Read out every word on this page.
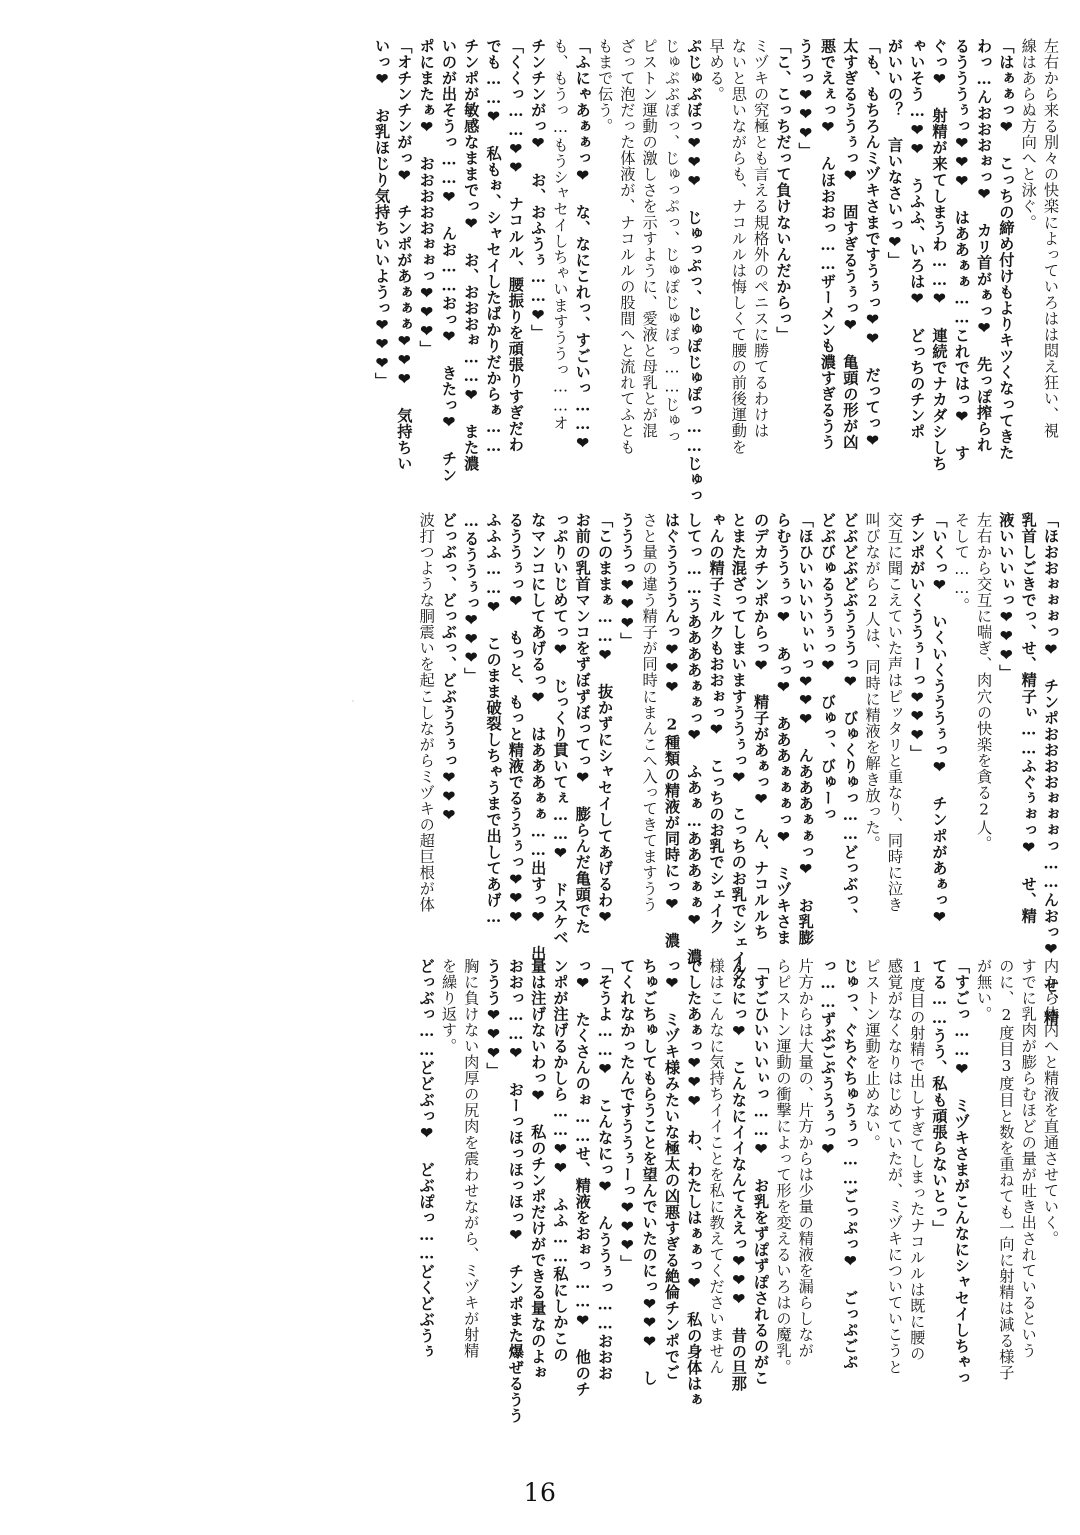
左右から来る別々の快楽によっていろはは悶え狂い、視
線はあらぬ方向へと泳ぐ。
「はぁぁっ❤ こっちの締め付けもよりキツくなってきた
わっ…んおおおぉっ❤ カリ首がぁっ❤ 先っぽ搾られ
るうううぅっ❤❤❤ はああぁぁ……これではっ❤ す
ぐっ❤ 射精が来てしまうわ……❤ 連続でナカダシしち
ゃいそう…❤❤ うふふ、いろは❤ どっちのチンポ
がいいの？ 言いなさいっ❤」
「も、もちろんミヅキさまですうぅっ❤❤ だってっ❤
太すぎるううぅっ❤ 固すぎるうぅっ❤ 亀頭の形が凶
悪でえぇっ❤ んほおおっ……ザーメンも濃すぎるうう
ううっ❤❤❤」
「こ、こっちだって負けないんだからっ」
ミヅキの究極とも言える規格外のペニスに勝てるわけは
ないと思いながらも、ナコルルは悔しくて腰の前後運動を
早める。
ぷじゅぶぼっ❤❤❤ じゅっぷっ、じゅぽじゅぽっ……じゅっ
じゅぷぶぽっ、じゅっぷっ、じゅぽじゅぽっ……じゅっ
ピストン運動の激しさを示すように、愛液と母乳とが混
ざって泡だった体液が、ナコルルの股間へと流れてふとも
もまで伝う。
「ふにゃあぁぁっ❤ な、なにこれっ、すごいっ……❤
も、もうっ…もうシャセイしちゃいますううっ……オ
チンチンがっ❤ お、おふうぅ……❤」
「くくっ……❤❤ ナコルル、腰振りを頑張りすぎだわ
でも……❤ 私もぉ、シャセイしたばかりだからぁ……
チンポが敏感なままでっ❤ お、おおおぉ……❤ また濃
いのが出そうっ……❤ んお……おっ❤ きたっ❤ チン
ポにまたぁ❤ おおおおおぉぉっ❤❤❤」
「オチンチンがっ❤ チンポがあぁぁぁ❤❤❤ 気持ちい
いっ❤ お乳ほじり気持ちいいようっ❤❤❤」
「ほおおぉぉぉっ❤ チンポおおおおぉぉぉっ……んおっ❤ せ、精
乳首しごきでっ、せ、精子ぃ……ふぐぅぉっ❤ せ、精
液いいいぃっ❤❤❤」
左右から交互に喘ぎ、肉穴の快楽を貪る2人。
そして……。
「いくっ❤ いくいくうううぅっ❤ チンポがあぁっ❤
チンポがいくううぅーっ❤❤❤」
交互に聞こえていた声はピッタリと重なり、同時に泣き
叫びながら2人は、同時に精液を解き放った。
どぶどぶどぶうううっ❤ びゅくりゅっ……どっぶっ、
どぶびゅるううぅっ❤ びゅっ、びゅーっ
「ほひいいいいぃぃっ❤❤❤ んあああぁぁっ❤ お乳膨
らむううぅっ❤ あっ❤ あああぁぁぁっ❤ ミヅキさま
のデカチンポからっ❤ 精子があぁっ❤ ん、ナコルルち
とまた混ざってしまいますううぅっ❤ こっちのお乳でシェイク
ゃんの精子ミルクもおおぉっ❤ こっちのお乳でシェイク
してっ……うああああぁぁっ❤ ふあぁ…あああぁぁ❤ 濃
はぐううううんっ❤❤❤ 2種類の精液が同時にっ❤ 濃
さと量の違う精子が同時にまんこへ入ってきてますうう
うううっ❤❤❤」
「このままぁ……❤ 抜かずにシャセイしてあげるわ❤
お前の乳首マンコをずぼずぼってっ❤ 膨らんだ亀頭でた
っぷりいじめてっ❤ じっくり貫いてぇ……❤ ドスケベ
なマンコにしてあげるっ❤ はあああぁぁ……出すっ❤ 出
るううぅっ❤ もっと、もっと精液でるううぅっ❤❤❤
ふふふ……❤ このまま破裂しちゃうまで出してあげ…
…るううぅっ❤❤❤」
どっぶっ、どっぶっ、どぶううぅっ❤❤❤
波打つような胴震いを起こしながらミヅキの超巨根が体
内から体内へと精液を直通させていく。
すでに乳肉が膨らむほどの量が吐き出されているという
のに、2度目3度目と数を重ねても一向に射精は減る様子
が無い。
「すごっ……❤ ミヅキさまがこんなにシャセイしちゃっ
てる……うう、私も頑張らないとっ」
1度目の射精で出しすぎてしまったナコルルは既に腰の
感覚がなくなりはじめていたが、ミヅキについていこうと
ピストン運動を止めない。
じゅっ、ぐちぐちゅうぅっ……ごっぷっ❤ ごっぷごぷ
っ……ずぶごぷううぅっ❤
片方からは大量の、片方からは少量の精液を漏らしなが
らピストン運動の衝撃によって形を変えるいろはの魔乳。
「すごひいいいぃっ……❤ お乳をずぽずぽされるのがこ
んなにっ❤ こんなにイイなんてええっ❤❤❤ 昔の旦那
様はこんなに気持ちイイことを私に教えてくださいません
でしたあぁっ❤❤❤ わ、わたしはぁぁっ❤ 私の身体はぁ
っ❤ ミヅキ様みたいな極太の凶悪すぎる絶倫チンポでご
ちゅごちゅしてもらうことを望んでいたのにっ❤❤❤ し
てくれなかったんですううぅーっ❤❤❤」
「そうよ……❤ こんなにっ❤ んううぅっ……おおお
っ❤ たくさんのぉ……せ、精液をおぉっ……❤ 他のチ
ンポが注げるかしら……❤❤ ふふ……私にしかこの
量は注げないわっ❤ 私のチンポだけができる量なのよぉ
おおっ……❤ おーっほっほっほっ❤ チンポまた爆ぜるうう
ううう❤❤❤」
胸に負けない肉厚の尻肉を震わせながら、ミヅキが射精
を繰り返す。
どっぶっ……どどぶっ❤ どぶぽっ……どくどぶうぅ
16
